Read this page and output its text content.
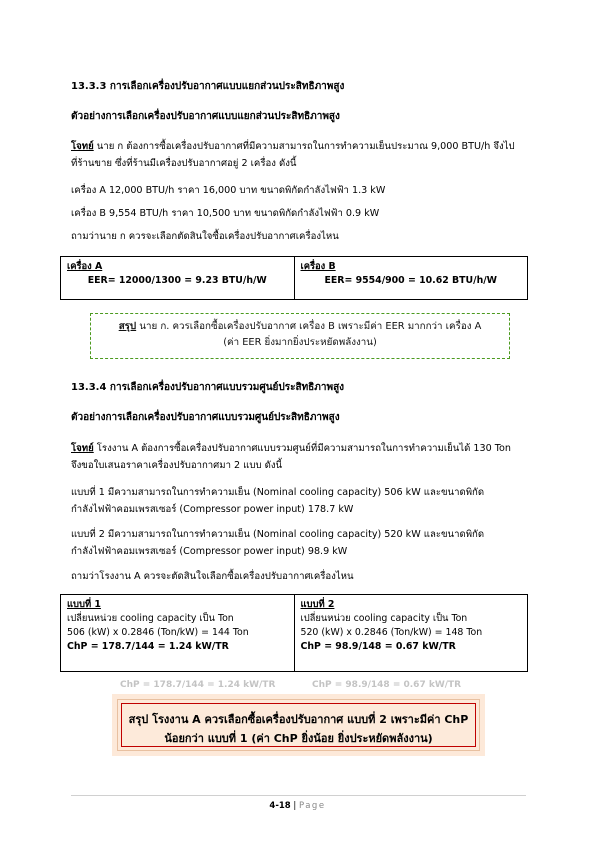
13.3.3 การเลือกเครื่องปรับอากาศแบบแยกส่วนประสิทธิภาพสูง
ตัวอย่างการเลือกเครื่องปรับอากาศแบบแยกส่วนประสิทธิภาพสูง
โจทย์ นาย ก ต้องการซื้อเครื่องปรับอากาศที่มีความสามารถในการทำความเย็นประมาณ 9,000 BTU/h จึงไป
ที่ร้านขาย ซึ่งที่ร้านมีเครื่องปรับอากาศอยู่ 2 เครื่อง ดังนี้
เครื่อง A 12,000 BTU/h ราคา 16,000 บาท ขนาดพิกัดกำลังไฟฟ้า 1.3 kW
เครื่อง B 9,554 BTU/h ราคา 10,500 บาท ขนาดพิกัดกำลังไฟฟ้า 0.9 kW
ถามว่านาย ก ควรจะเลือกตัดสินใจซื้อเครื่องปรับอากาศเครื่องไหน
เครื่อง A
EER= 12000/1300 = 9.23 BTU/h/W
เครื่อง B
EER= 9554/900 = 10.62 BTU/h/W
สรุป นาย ก. ควรเลือกซื้อเครื่องปรับอากาศ เครื่อง B เพราะมีค่า EER มากกว่า เครื่อง A
(ค่า EER ยิ่งมากยิ่งประหยัดพลังงาน)
13.3.4 การเลือกเครื่องปรับอากาศแบบรวมศูนย์ประสิทธิภาพสูง
ตัวอย่างการเลือกเครื่องปรับอากาศแบบรวมศูนย์ประสิทธิภาพสูง
โจทย์ โรงงาน A ต้องการซื้อเครื่องปรับอากาศแบบรวมศูนย์ที่มีความสามารถในการทำความเย็นได้ 130 Ton
จึงขอใบเสนอราคาเครื่องปรับอากาศมา 2 แบบ ดังนี้
แบบที่ 1 มีความสามารถในการทำความเย็น (Nominal cooling capacity) 506 kW และขนาดพิกัด
กำลังไฟฟ้าคอมเพรสเซอร์ (Compressor power input) 178.7 kW
แบบที่ 2 มีความสามารถในการทำความเย็น (Nominal cooling capacity) 520 kW และขนาดพิกัด
กำลังไฟฟ้าคอมเพรสเซอร์ (Compressor power input) 98.9 kW
ถามว่าโรงงาน A ควรจะตัดสินใจเลือกซื้อเครื่องปรับอากาศเครื่องไหน
แบบที่ 1
เปลี่ยนหน่วย cooling capacity เป็น Ton
506 (kW) x 0.2846 (Ton/kW) = 144 Ton
ChP = 178.7/144 = 1.24 kW/TR
แบบที่ 2
เปลี่ยนหน่วย cooling capacity เป็น Ton
520 (kW) x 0.2846 (Ton/kW) = 148 Ton
ChP = 98.9/148 = 0.67 kW/TR
ChP = 178.7/144 = 1.24 kW/TR	ChP = 98.9/148 = 0.67 kW/TR
สรุป โรงงาน A ควรเลือกซื้อเครื่องปรับอากาศ แบบที่ 2 เพราะมีค่า ChP
น้อยกว่า แบบที่ 1 (ค่า ChP ยิ่งน้อย ยิ่งประหยัดพลังงาน)
4-18 | Page
